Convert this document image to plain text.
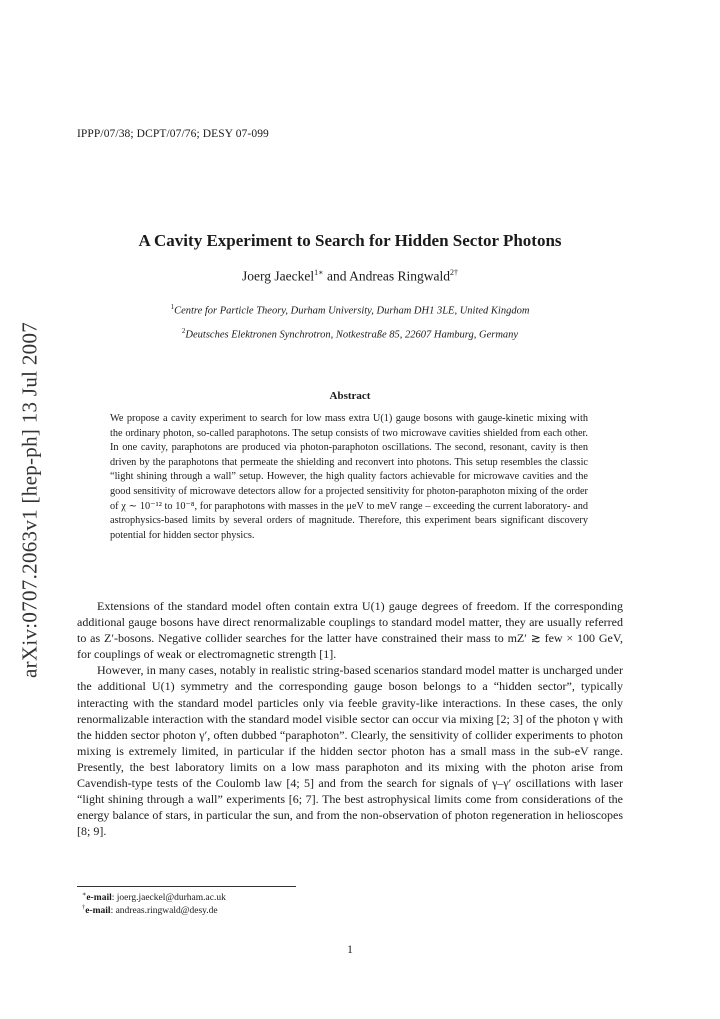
IPPP/07/38; DCPT/07/76; DESY 07-099
arXiv:0707.2063v1 [hep-ph] 13 Jul 2007
A Cavity Experiment to Search for Hidden Sector Photons
Joerg Jaeckel$^{1∗}$ and Andreas Ringwald$^{2\dagger}$
$^1$Centre for Particle Theory, Durham University, Durham DH1 3LE, United Kingdom
$^2$Deutsches Elektronen Synchrotron, Notkestraße 85, 22607 Hamburg, Germany
Abstract
We propose a cavity experiment to search for low mass extra U(1) gauge bosons with gauge-kinetic mixing with the ordinary photon, so-called paraphotons. The setup consists of two microwave cavities shielded from each other. In one cavity, paraphotons are produced via photon-paraphoton oscillations. The second, resonant, cavity is then driven by the paraphotons that permeate the shielding and reconvert into photons. This setup resembles the classic “light shining through a wall” setup. However, the high quality factors achievable for microwave cavities and the good sensitivity of microwave detectors allow for a projected sensitivity for photon-paraphoton mixing of the order of χ ∼ 10⁻¹² to 10⁻⁸, for paraphotons with masses in the μeV to meV range – exceeding the current laboratory- and astrophysics-based limits by several orders of magnitude. Therefore, this experiment bears significant discovery potential for hidden sector physics.

Extensions of the standard model often contain extra U(1) gauge degrees of freedom. If the corresponding additional gauge bosons have direct renormalizable couplings to standard model matter, they are usually referred to as Z′-bosons. Negative collider searches for the latter have constrained their mass to mZ′ ≳ few × 100 GeV, for couplings of weak or electromagnetic strength [1].

However, in many cases, notably in realistic string-based scenarios standard model matter is uncharged under the additional U(1) symmetry and the corresponding gauge boson belongs to a “hidden sector”, typically interacting with the standard model particles only via feeble gravity-like interactions. In these cases, the only renormalizable interaction with the standard model visible sector can occur via mixing [2; 3] of the photon γ with the hidden sector photon γ′, often dubbed “paraphoton”. Clearly, the sensitivity of collider experiments to photon mixing is extremely limited, in particular if the hidden sector photon has a small mass in the sub-eV range. Presently, the best laboratory limits on a low mass paraphoton and its mixing with the photon arise from Cavendish-type tests of the Coulomb law [4; 5] and from the search for signals of γ–γ′ oscillations with laser “light shining through a wall” experiments [6; 7]. The best astrophysical limits come from considerations of the energy balance of stars, in particular the sun, and from the non-observation of photon regeneration in helioscopes [8; 9].

∗e-mail: joerg.jaeckel@durham.ac.uk
†e-mail: andreas.ringwald@desy.de
1
